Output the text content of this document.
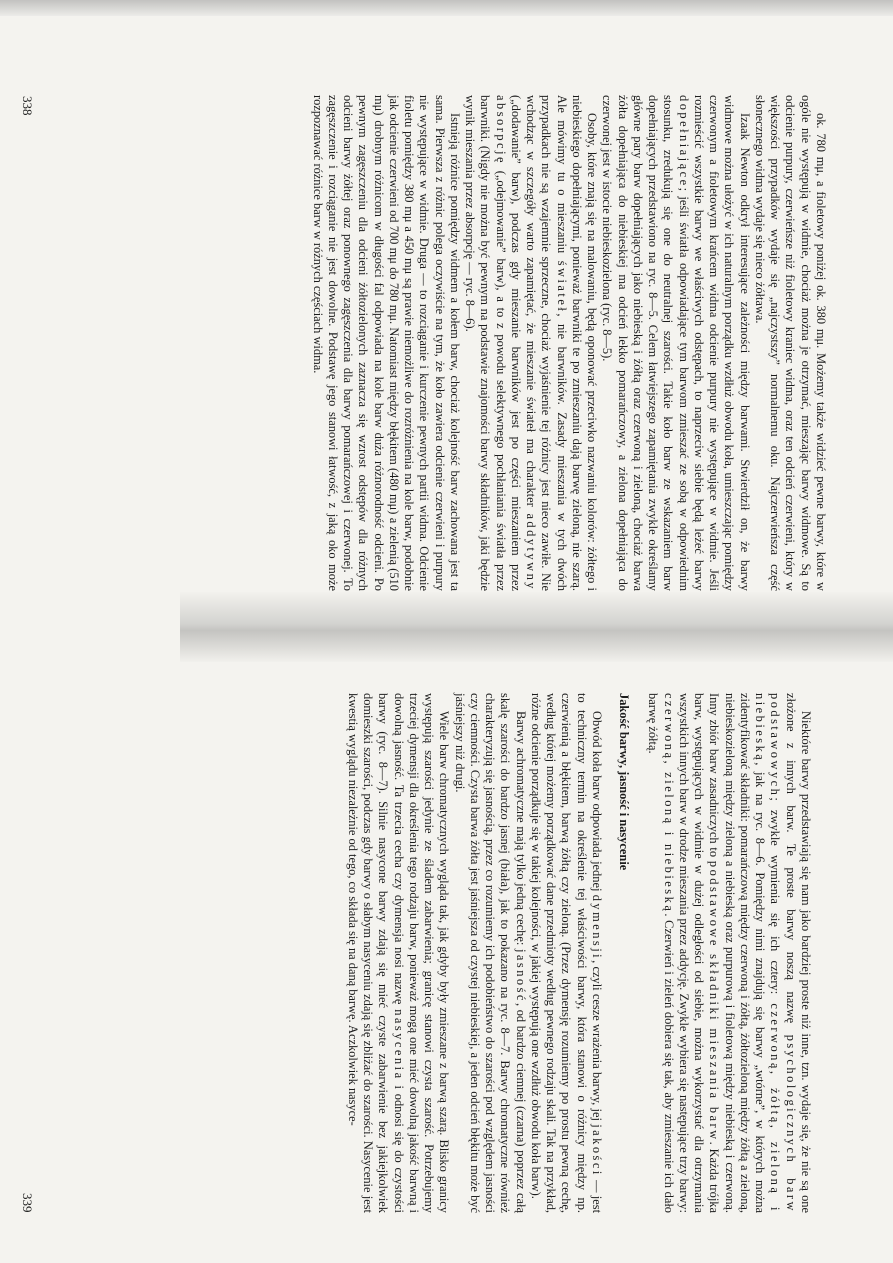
ok. 780 mμ, a fioletowy poniżej ok. 380 mμ. Możemy także widzieć pewne barwy, które w ogóle nie występują w widmie, chociaż można je otrzymać, mieszając barwy widmowe. Są to odcienie purpury, czerwieńsze niż fioletowy kraniec widma, oraz ten odcień czerwieni, który w większości przypadków wydaje się „najczystszy” normalnemu oku. Najczerwieńsza część słonecznego widma wydaje się nieco żółtawa.

Izaak Newton odkrył interesujące zależności między barwami. Stwierdził on, że barwy widmowe można ułożyć w ich naturalnym porządku wzdłuż obwodu koła, umieszczając pomiędzy czerwonym a fioletowym krańcem widma odcienie purpury nie występujące w widmie. Jeśli rozmieścić wszystkie barwy we właściwych odstępach, to naprzeciw siebie będą leżeć barwy dopełniające; jeśli światła odpowiadające tym barwom zmieszać ze sobą w odpowiednim stosunku, zredukują się one do neutralnej szarości. Takie koło barw ze wskazaniem barw dopełniających przedstawiono na ryc. 8—5. Celem łatwiejszego zapamiętania zwykle określamy główne pary barw dopełniających jako niebieską i żółtą oraz czerwoną i zieloną, chociaż barwa żółta dopełniająca do niebieskiej ma odcień lekko pomarańczowy, a zielona dopełniająca do czerwonej jest w istocie niebieskozielona (ryc. 8—5).

Osoby, które znają się na malowaniu, będą oponować przeciwko nazwaniu kolorów: żółtego i niebieskiego dopełniającymi, ponieważ barwniki te po zmieszaniu dają barwę zieloną, nie szarą. Ale mówimy tu o mieszaniu świateł, nie barwników. Zasady mieszania w tych dwóch przypadkach nie są wzajemnie sprzeczne, chociaż wyjaśnienie tej różnicy jest nieco zawiłe. Nie wchodząc w szczegóły warto zapamiętać, że mieszanie świateł ma charakter addytywny („dodawanie” barw), podczas gdy mieszanie barwników jest po części mieszaniem przez absorpcję („odejmowanie” barw), a to z powodu selektywnego pochłaniania światła przez barwniki. (Nigdy nie można być pewnym na podstawie znajomości barwy składników, jaki będzie wynik mieszania przez absorpcję — ryc. 8—6).

Istnieją różnice pomiędzy widmem a kołem barw, chociaż kolejność barw zachowana jest ta sama. Pierwsza z różnic polega oczywiście na tym, że koło zawiera odcienie czerwieni i purpury nie występujące w widmie. Druga — to rozciąganie i kurczenie pewnych partii widma. Odcienie fioletu pomiędzy 380 mμ a 450 mμ są prawie niemożliwe do rozróżnienia na kole barw, podobnie jak odcienie czerwieni od 700 mμ do 780 mμ. Natomiast między błękitem (480 mμ) a zielenią (510 mμ) drobnym różnicom w długości fal odpowiada na kole barw duża różnorodność odcieni. Po pewnym zagęszczeniu dla odcieni żółtozielonych zaznacza się wzrost odstępów dla różnych odcieni barwy żółtej oraz ponownego zagęszczenia dla barwy pomarańczowej i czerwonej. To zagęszczenie i rozciąganie nie jest dowolne. Podstawę jego stanowi łatwość, z jaką oko może rozpoznawać różnice barw w różnych częściach widma.

338

Niektóre barwy przedstawiają się nam jako bardziej proste niż inne, tzn. wydaje się, że nie są one złożone z innych barw. Te proste barwy noszą nazwę psychologicznych barw podstawowych; zwykle wymienia się ich cztery: czerwoną, żółtą, zieloną i niebieską, jak na ryc. 8—6. Pomiędzy nimi znajdują się barwy „wtórne”, w których można zidentyfikować składniki: pomarańczową między czerwoną i żółtą, żółtozieloną między żółtą a zieloną, niebieskozieloną między zieloną a niebieską oraz purpurową i fioletową między niebieską i czerwoną. Inny zbiór barw zasadniczych to podstawowe składniki mieszania barw. Każda trójka barw, występujących w widmie w dużej odległości od siebie, można wykorzystać dla otrzymania wszystkich innych barw w drodze mieszania przez addycję. Zwykle wybiera się następujące trzy barwy: czerwoną, zieloną i niebieską. Czerwień i zieleń dobiera się tak, aby zmieszanie ich dało barwę żółtą.

Jakość barwy, jasność i nasycenie

Obwód koła barw odpowiada jednej dymensji, czyli cesze wrażenia barwy, jej jakości — jest to techniczny termin na określenie tej właściwości barwy, która stanowi o różnicy między np. czerwienią a błękitem, barwą żółtą czy zieloną. (Przez dymensję rozumiemy po prostu pewną cechę, według której możemy porządkować dane przedmioty według pewnego rodzaju skali. Tak na przykład, różne odcienie porządkuje się w takiej kolejności, w jakiej występują one wzdłuż obwodu koła barw).

Barwy achromatyczne mają tylko jedną cechę: jasność, od bardzo ciemnej (czarna) poprzez całą skalę szarości do bardzo jasnej (biała), jak to pokazano na ryc. 8—7. Barwy chromatyczne również charakteryzują się jasnością, przez co rozumiemy ich podobieństwo do szarości pod względem jasności czy ciemności. Czysta barwa żółta jest jaśniejsza od czystej niebieskiej, a jeden odcień błękitu może być jaśniejszy niż drugi.

Wiele barw chromatycznych wygląda tak, jak gdyby były zmieszane z barwą szarą. Blisko granicy występują szarości jedynie ze śladem zabarwienia; granicę stanowi czysta szarość. Potrzebujemy trzeciej dymensji dla określenia tego rodzaju barw, ponieważ mogą one mieć dowolną jakość barwną i dowolną jasność. Ta trzecia cecha czy dymensja nosi nazwę nasycenia i odnosi się do czystości barwy (ryc. 8—7). Silnie nasycone barwy zdają się mieć czyste zabarwienie bez jakiejkolwiek domieszki szarości, podczas gdy barwy o słabym nasyceniu zdają się zbliżać do szarości. Nasycenie jest kwestią wyglądu niezależnie od tego, co składa się na daną barwę. Aczkolwiek nasyce-

339
